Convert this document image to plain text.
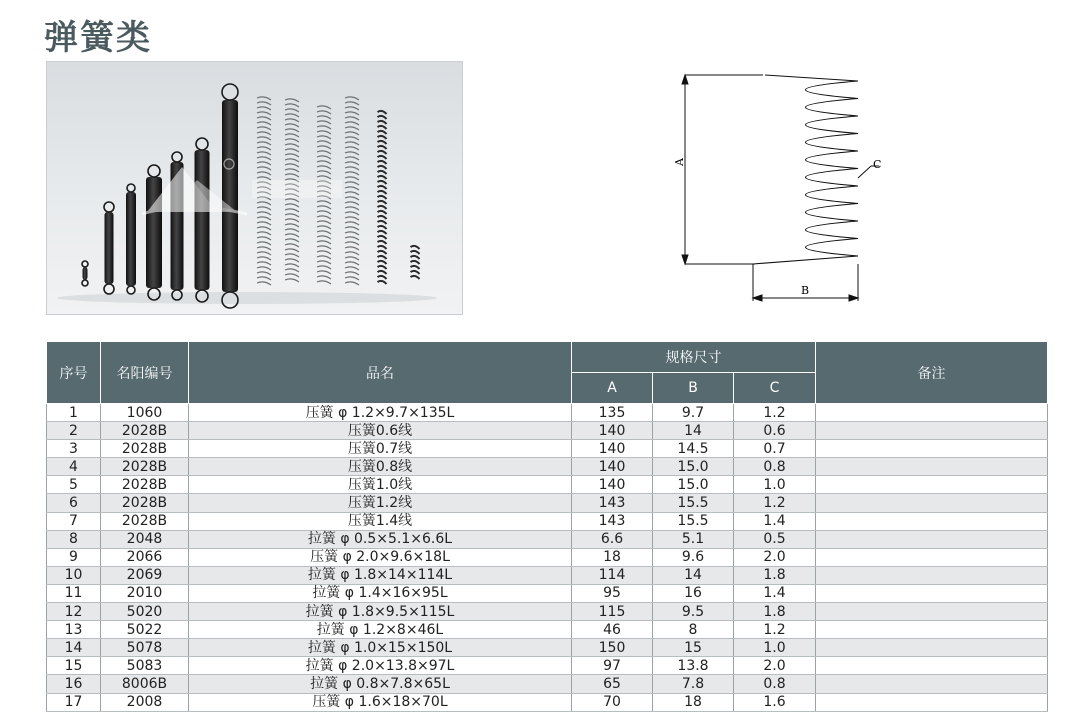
弹簧类
A
B
C
序号	名阳编号	品名	规格尺寸			备注
			A	B	C	
1	1060	压簧 φ 1.2×9.7×135L	135	9.7	1.2	
2	2028B	压簧0.6线	140	14	0.6	
3	2028B	压簧0.7线	140	14.5	0.7	
4	2028B	压簧0.8线	140	15.0	0.8	
5	2028B	压簧1.0线	140	15.0	1.0	
6	2028B	压簧1.2线	143	15.5	1.2	
7	2028B	压簧1.4线	143	15.5	1.4	
8	2048	拉簧 φ 0.5×5.1×6.6L	6.6	5.1	0.5	
9	2066	压簧 φ 2.0×9.6×18L	18	9.6	2.0	
10	2069	拉簧 φ 1.8×14×114L	114	14	1.8	
11	2010	拉簧 φ 1.4×16×95L	95	16	1.4	
12	5020	拉簧 φ 1.8×9.5×115L	115	9.5	1.8	
13	5022	拉簧 φ 1.2×8×46L	46	8	1.2	
14	5078	拉簧 φ 1.0×15×150L	150	15	1.0	
15	5083	拉簧 φ 2.0×13.8×97L	97	13.8	2.0	
16	8006B	拉簧 φ 0.8×7.8×65L	65	7.8	0.8	
17	2008	压簧 φ 1.6×18×70L	70	18	1.6	
